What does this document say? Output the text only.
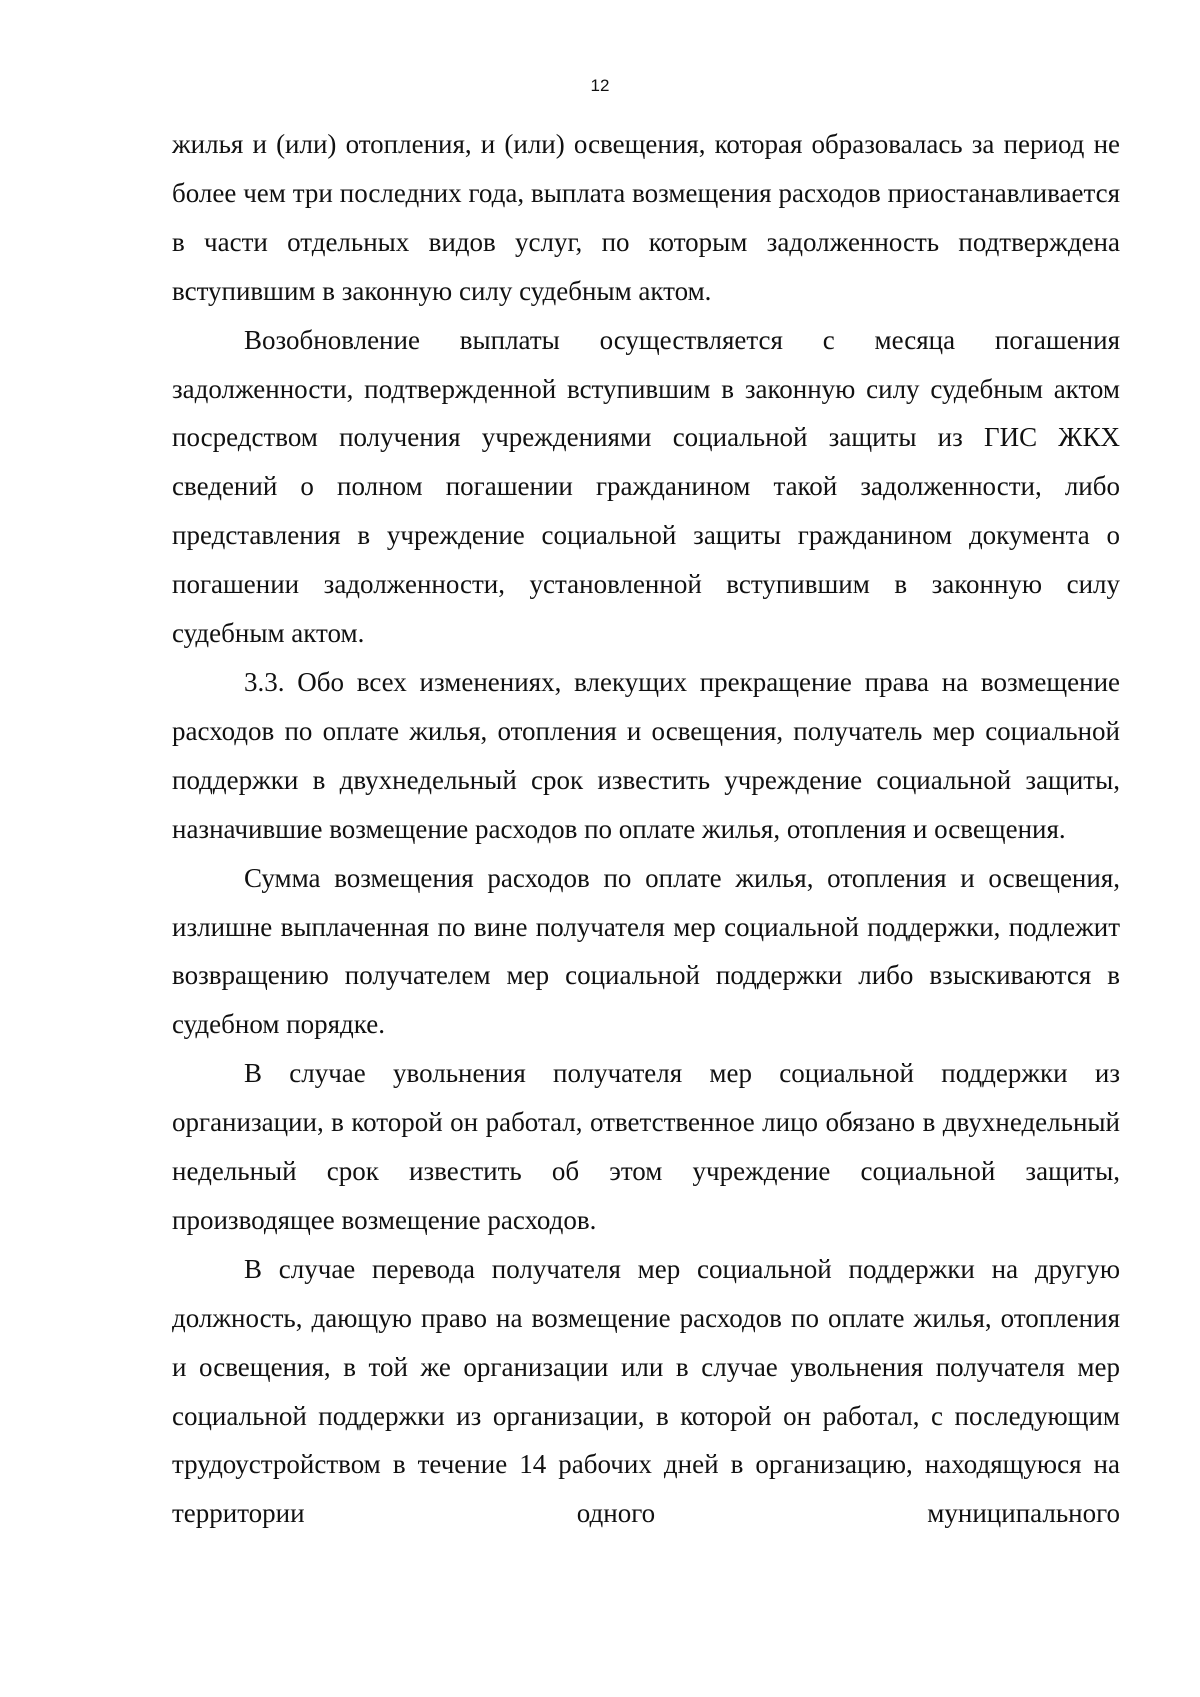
12

жилья и (или) отопления, и (или) освещения, которая образовалась за период не более чем три последних года, выплата возмещения расходов приостанавливается в части отдельных видов услуг, по которым задолженность подтверждена вступившим в законную силу судебным актом.

Возобновление выплаты осуществляется с месяца погашения задолженности, подтвержденной вступившим в законную силу судебным актом посредством получения учреждениями социальной защиты из ГИС ЖКХ сведений о полном погашении гражданином такой задолженности, либо представления в учреждение социальной защиты гражданином документа о погашении задолженности, установленной вступившим в законную силу судебным актом.

3.3. Обо всех изменениях, влекущих прекращение права на возмещение расходов по оплате жилья, отопления и освещения, получатель мер социальной поддержки в двухнедельный срок известить учреждение социальной защиты, назначившие возмещение расходов по оплате жилья, отопления и освещения.

Сумма возмещения расходов по оплате жилья, отопления и освещения, излишне выплаченная по вине получателя мер социальной поддержки, подлежит возвращению получателем мер социальной поддержки либо взыскиваются в судебном порядке.

В случае увольнения получателя мер социальной поддержки из организации, в которой он работал, ответственное лицо обязано в двухнедельный недельный срок известить об этом учреждение социальной защиты, производящее возмещение расходов.

В случае перевода получателя мер социальной поддержки на другую должность, дающую право на возмещение расходов по оплате жилья, отопления и освещения, в той же организации или в случае увольнения получателя мер социальной поддержки из организации, в которой он работал, с последующим трудоустройством в течение 14 рабочих дней в организацию, находящуюся на территории одного муниципального
